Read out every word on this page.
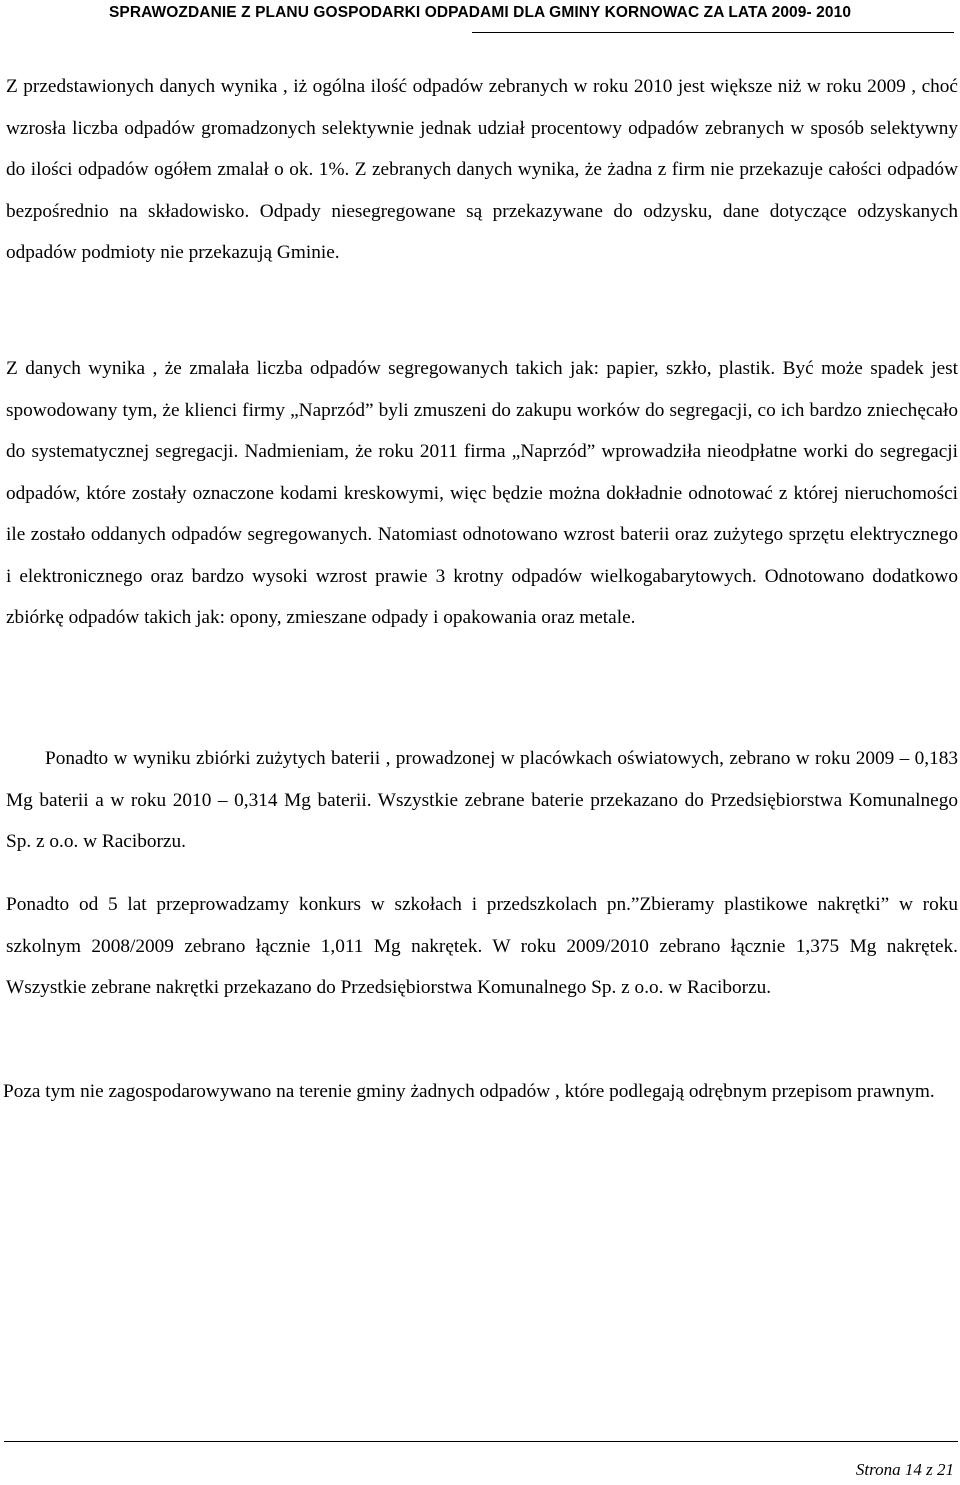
SPRAWOZDANIE Z PLANU GOSPODARKI ODPADAMI DLA GMINY KORNOWAC ZA LATA 2009- 2010

Z przedstawionych danych wynika , iż ogólna ilość odpadów zebranych w roku 2010 jest większe niż w roku 2009 , choć wzrosła liczba odpadów gromadzonych selektywnie jednak udział procentowy odpadów zebranych w sposób selektywny do ilości odpadów ogółem zmalał o ok. 1%. Z zebranych danych wynika, że żadna z firm nie przekazuje całości odpadów bezpośrednio na składowisko. Odpady niesegregowane są przekazywane do odzysku, dane dotyczące odzyskanych odpadów podmioty nie przekazują Gminie.

Z danych wynika , że zmalała liczba odpadów segregowanych takich jak: papier, szkło, plastik. Być może spadek jest spowodowany tym, że klienci firmy „Naprzód” byli zmuszeni do zakupu worków do segregacji, co ich bardzo zniechęcało do systematycznej segregacji. Nadmieniam, że roku 2011 firma „Naprzód” wprowadziła nieodpłatne worki do segregacji odpadów, które zostały oznaczone kodami kreskowymi, więc będzie można dokładnie odnotować z której nieruchomości ile zostało oddanych odpadów segregowanych. Natomiast odnotowano wzrost baterii oraz zużytego sprzętu elektrycznego i elektronicznego oraz bardzo wysoki wzrost prawie 3 krotny odpadów wielkogabarytowych. Odnotowano dodatkowo zbiórkę odpadów takich jak: opony, zmieszane odpady i opakowania oraz metale.

Ponadto w wyniku zbiórki zużytych baterii , prowadzonej w placówkach oświatowych, zebrano w roku 2009 – 0,183 Mg baterii a w roku 2010 – 0,314 Mg baterii. Wszystkie zebrane baterie przekazano do Przedsiębiorstwa Komunalnego Sp. z o.o. w Raciborzu.

Ponadto od 5 lat przeprowadzamy konkurs w szkołach i przedszkolach pn.”Zbieramy plastikowe nakrętki” w roku szkolnym 2008/2009 zebrano łącznie 1,011 Mg nakrętek. W roku 2009/2010 zebrano łącznie 1,375 Mg nakrętek. Wszystkie zebrane nakrętki przekazano do Przedsiębiorstwa Komunalnego Sp. z o.o. w Raciborzu.

Poza tym nie zagospodarowywano na terenie gminy żadnych odpadów , które podlegają odrębnym przepisom prawnym.

Strona 14 z 21
